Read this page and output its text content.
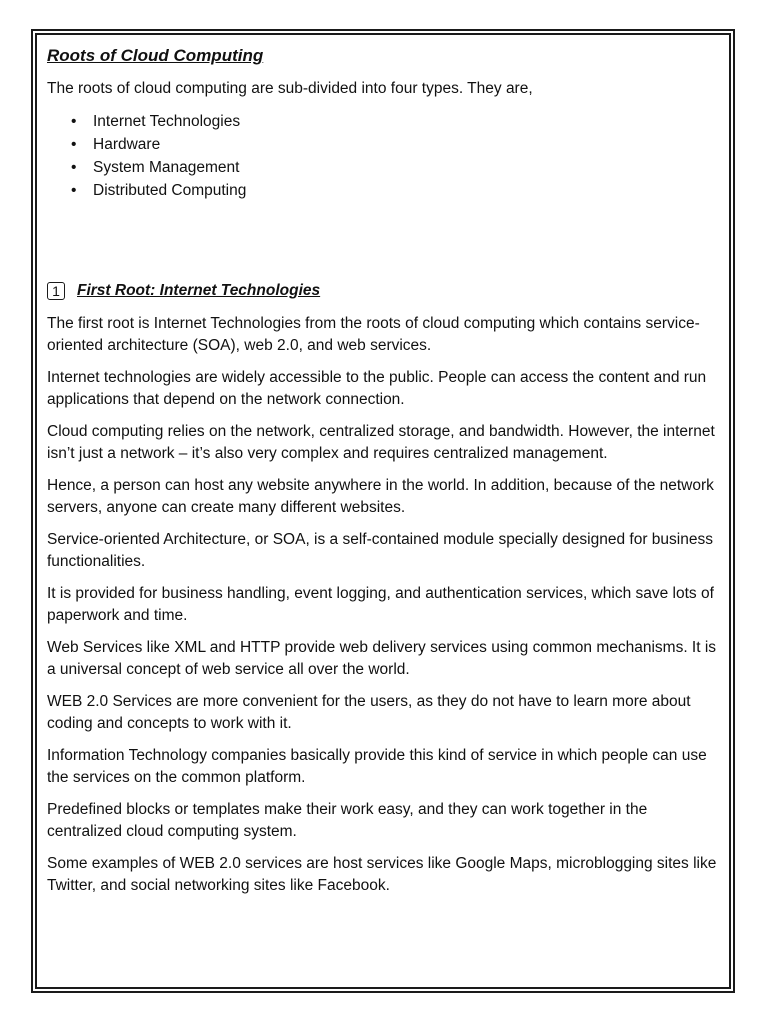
Roots of Cloud Computing

The roots of cloud computing are sub-divided into four types. They are,

• Internet Technologies
• Hardware
• System Management
• Distributed Computing
1	First Root: Internet Technologies

The first root is Internet Technologies from the roots of cloud computing which contains service-oriented architecture (SOA), web 2.0, and web services.

Internet technologies are widely accessible to the public. People can access the content and run applications that depend on the network connection.

Cloud computing relies on the network, centralized storage, and bandwidth. However, the internet isn’t just a network – it’s also very complex and requires centralized management.

Hence, a person can host any website anywhere in the world. In addition, because of the network servers, anyone can create many different websites.

Service-oriented Architecture, or SOA, is a self-contained module specially designed for business functionalities.

It is provided for business handling, event logging, and authentication services, which save lots of paperwork and time.

Web Services like XML and HTTP provide web delivery services using common mechanisms. It is a universal concept of web service all over the world.

WEB 2.0 Services are more convenient for the users, as they do not have to learn more about coding and concepts to work with it.

Information Technology companies basically provide this kind of service in which people can use the services on the common platform.

Predefined blocks or templates make their work easy, and they can work together in the centralized cloud computing system.

Some examples of WEB 2.0 services are host services like Google Maps, microblogging sites like Twitter, and social networking sites like Facebook.
